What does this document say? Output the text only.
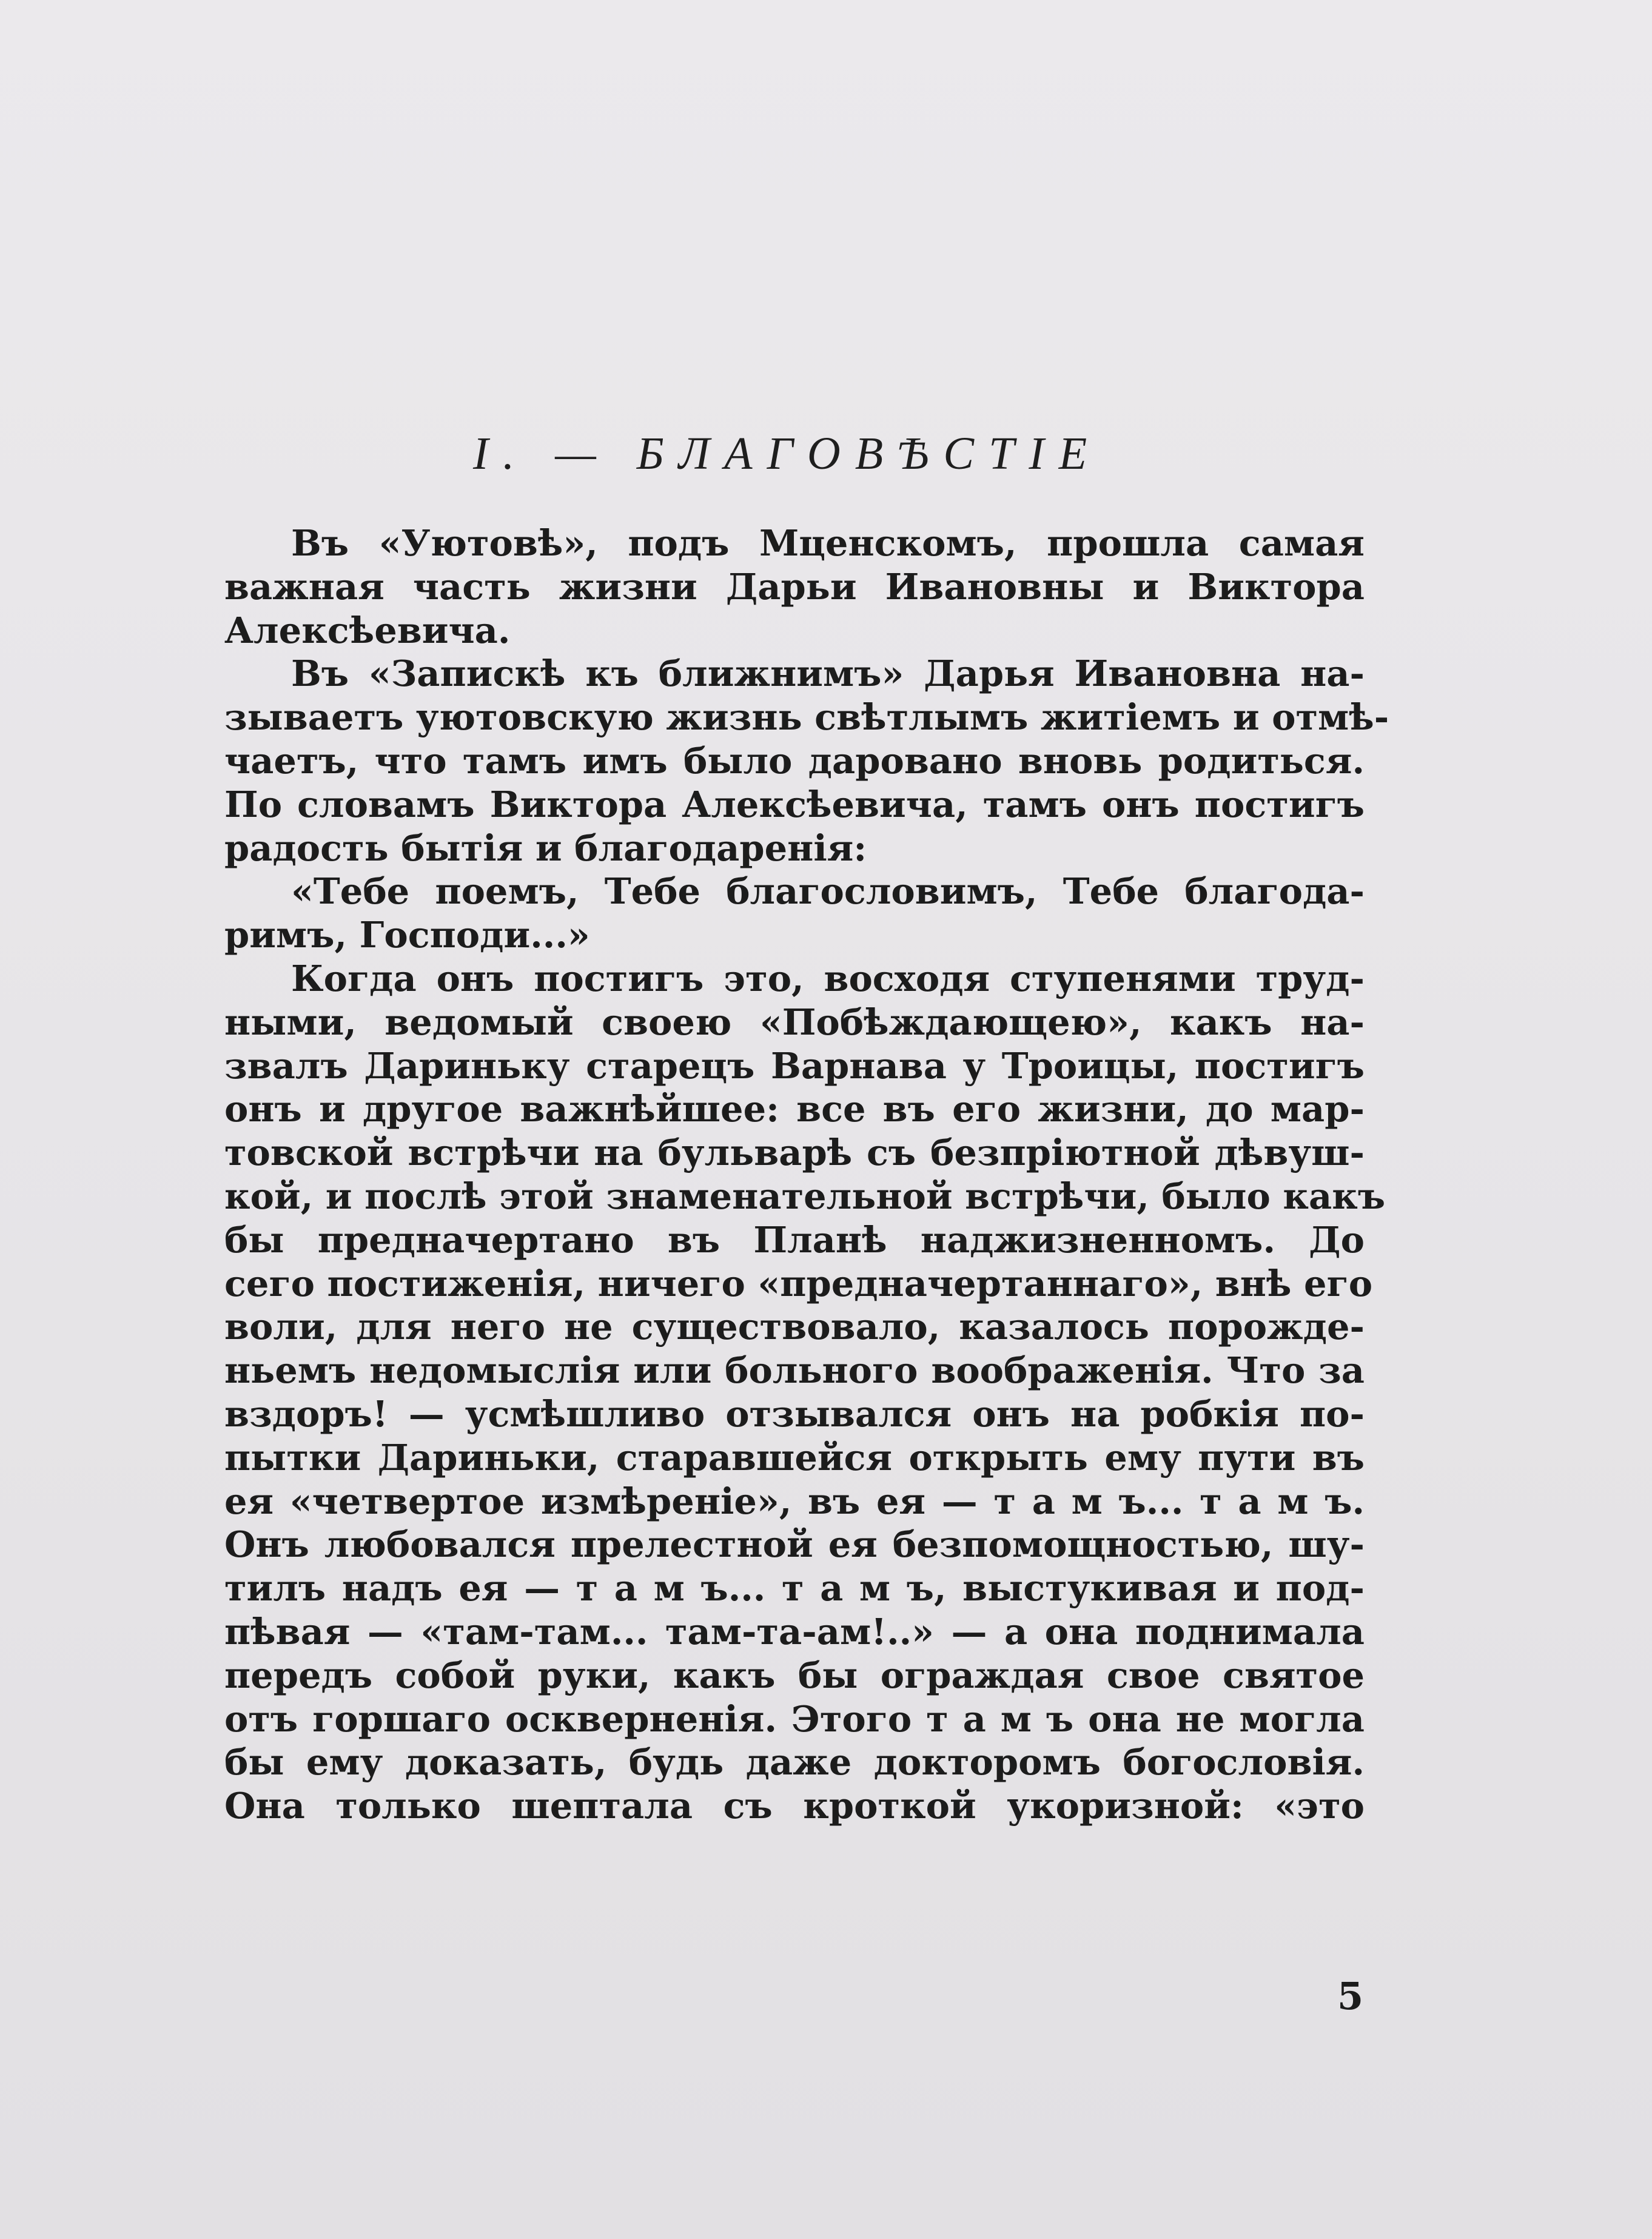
I. — БЛАГОВѢСТІЕ
Въ «Уютовѣ», подъ Мценскомъ, прошла самая
важная часть жизни Дарьи Ивановны и Виктора
Алексѣевича.
Въ «Запискѣ къ ближнимъ» Дарья Ивановна на-
зываетъ уютовскую жизнь свѣтлымъ житіемъ и отмѣ-
чаетъ, что тамъ имъ было даровано вновь родиться.
По словамъ Виктора Алексѣевича, тамъ онъ постигъ
радость бытія и благодаренія:
«Тебе поемъ, Тебе благословимъ, Тебе благода-
римъ, Господи...»
Когда онъ постигъ это, восходя ступенями труд-
ными, ведомый своею «Побѣждающею», какъ на-
звалъ Дариньку старецъ Варнава у Троицы, постигъ
онъ и другое важнѣйшее: все въ его жизни, до мар-
товской встрѣчи на бульварѣ съ безпріютной дѣвуш-
кой, и послѣ этой знаменательной встрѣчи, было какъ
бы предначертано въ Планѣ наджизненномъ. До
сего постиженія, ничего «предначертаннаго», внѣ его
воли, для него не существовало, казалось порожде-
ньемъ недомыслія или больного воображенія. Что за
вздоръ! — усмѣшливо отзывался онъ на робкія по-
пытки Дариньки, старавшейся открыть ему пути въ
ея «четвертое измѣреніе», въ ея — т а м ъ... т а м ъ.
Онъ любовался прелестной ея безпомощностью, шу-
тилъ надъ ея — т а м ъ... т а м ъ, выстукивая и под-
пѣвая — «там-там... там-та-ам!..» — а она поднимала
передъ собой руки, какъ бы ограждая свое святое
отъ горшаго оскверненія. Этого т а м ъ она не могла
бы ему доказать, будь даже докторомъ богословія.
Она только шептала съ кроткой укоризной: «это
5
